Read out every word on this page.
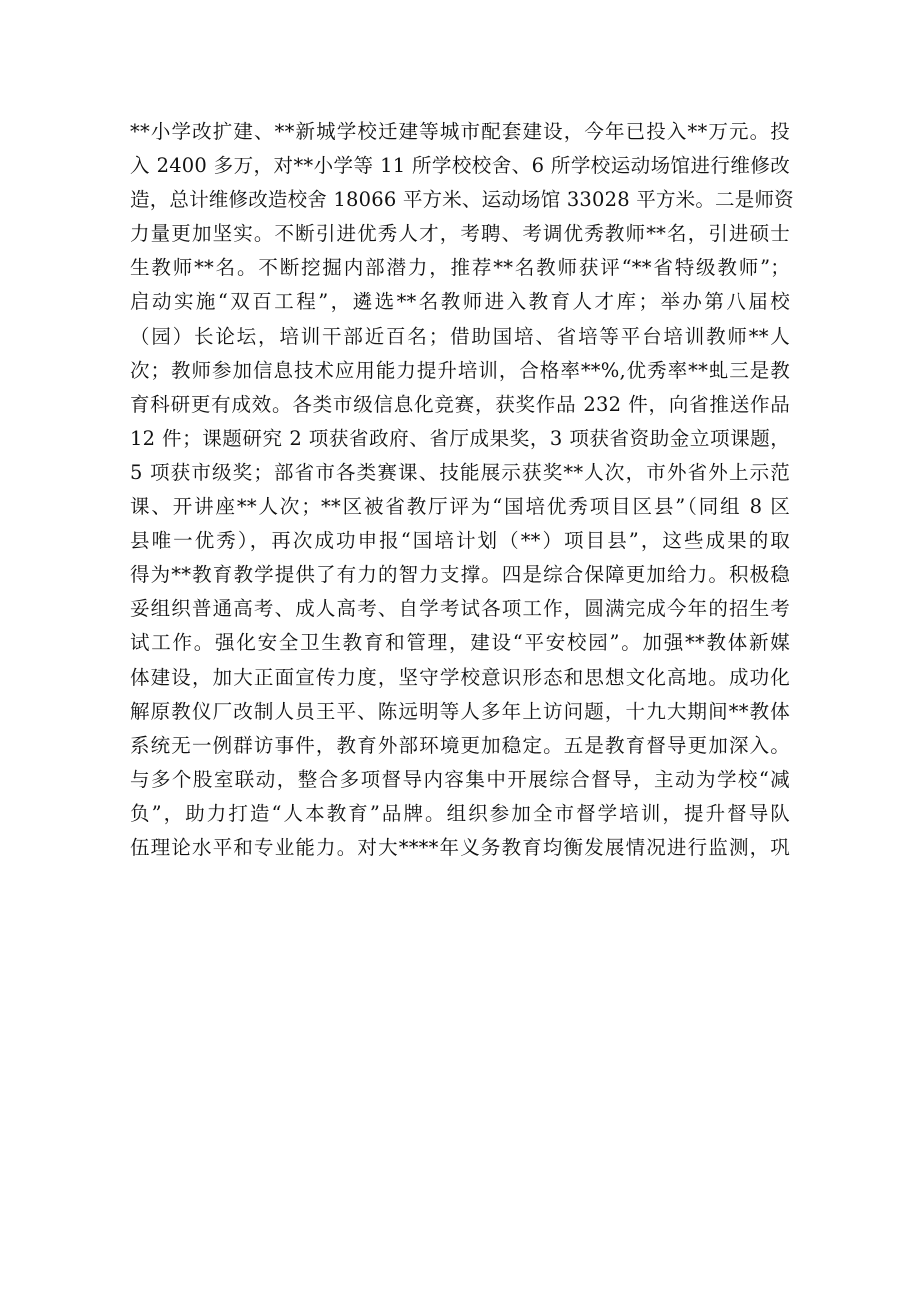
**小学改扩建、**新城学校迁建等城市配套建设，今年已投入**万元。投
入 2400 多万，对**小学等 11 所学校校舍、6 所学校运动场馆进行维修改
造，总计维修改造校舍 18066 平方米、运动场馆 33028 平方米。二是师资
力量更加坚实。不断引进优秀人才，考聘、考调优秀教师**名，引进硕士
生教师**名。不断挖掘内部潜力，推荐**名教师获评“**省特级教师”；
启动实施“双百工程”，遴选**名教师进入教育人才库；举办第八届校
（园）长论坛，培训干部近百名；借助国培、省培等平台培训教师**人
次；教师参加信息技术应用能力提升培训，合格率**%,优秀率**虬三是教
育科研更有成效。各类市级信息化竞赛，获奖作品 232 件，向省推送作品
12 件；课题研究 2 项获省政府、省厅成果奖，3 项获省资助金立项课题，
5 项获市级奖；部省市各类赛课、技能展示获奖**人次，市外省外上示范
课、开讲座**人次；**区被省教厅评为“国培优秀项目区县”（同组 8 区
县唯一优秀），再次成功申报“国培计划（**）项目县”，这些成果的取
得为**教育教学提供了有力的智力支撑。四是综合保障更加给力。积极稳
妥组织普通高考、成人高考、自学考试各项工作，圆满完成今年的招生考
试工作。强化安全卫生教育和管理，建设“平安校园”。加强**教体新媒
体建设，加大正面宣传力度，坚守学校意识形态和思想文化高地。成功化
解原教仪厂改制人员王平、陈远明等人多年上访问题，十九大期间**教体
系统无一例群访事件，教育外部环境更加稳定。五是教育督导更加深入。
与多个股室联动，整合多项督导内容集中开展综合督导，主动为学校“减
负”，助力打造“人本教育”品牌。组织参加全市督学培训，提升督导队
伍理论水平和专业能力。对大****年义务教育均衡发展情况进行监测，巩
